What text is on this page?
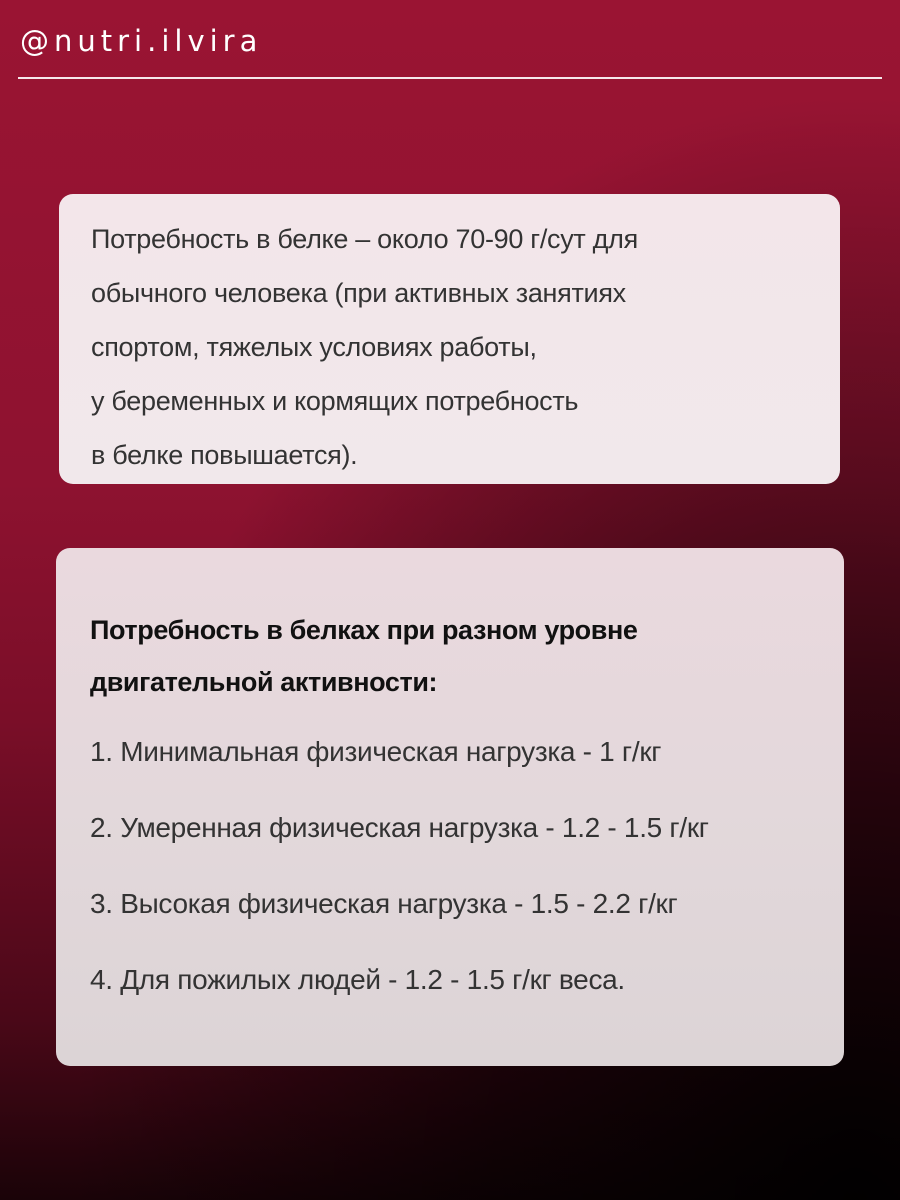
@nutri.ilvira

Потребность в белке – около 70-90 г/сут для

обычного человека (при активных занятиях

спортом, тяжелых условиях работы,

у беременных и кормящих потребность

в белке повышается).

Потребность в белках при разном уровне
двигательной активности:
1. Минимальная физическая нагрузка - 1 г/кг
2. Умеренная физическая нагрузка - 1.2 - 1.5 г/кг
3. Высокая физическая нагрузка - 1.5 - 2.2 г/кг
4. Для пожилых людей - 1.2 - 1.5 г/кг веса.
